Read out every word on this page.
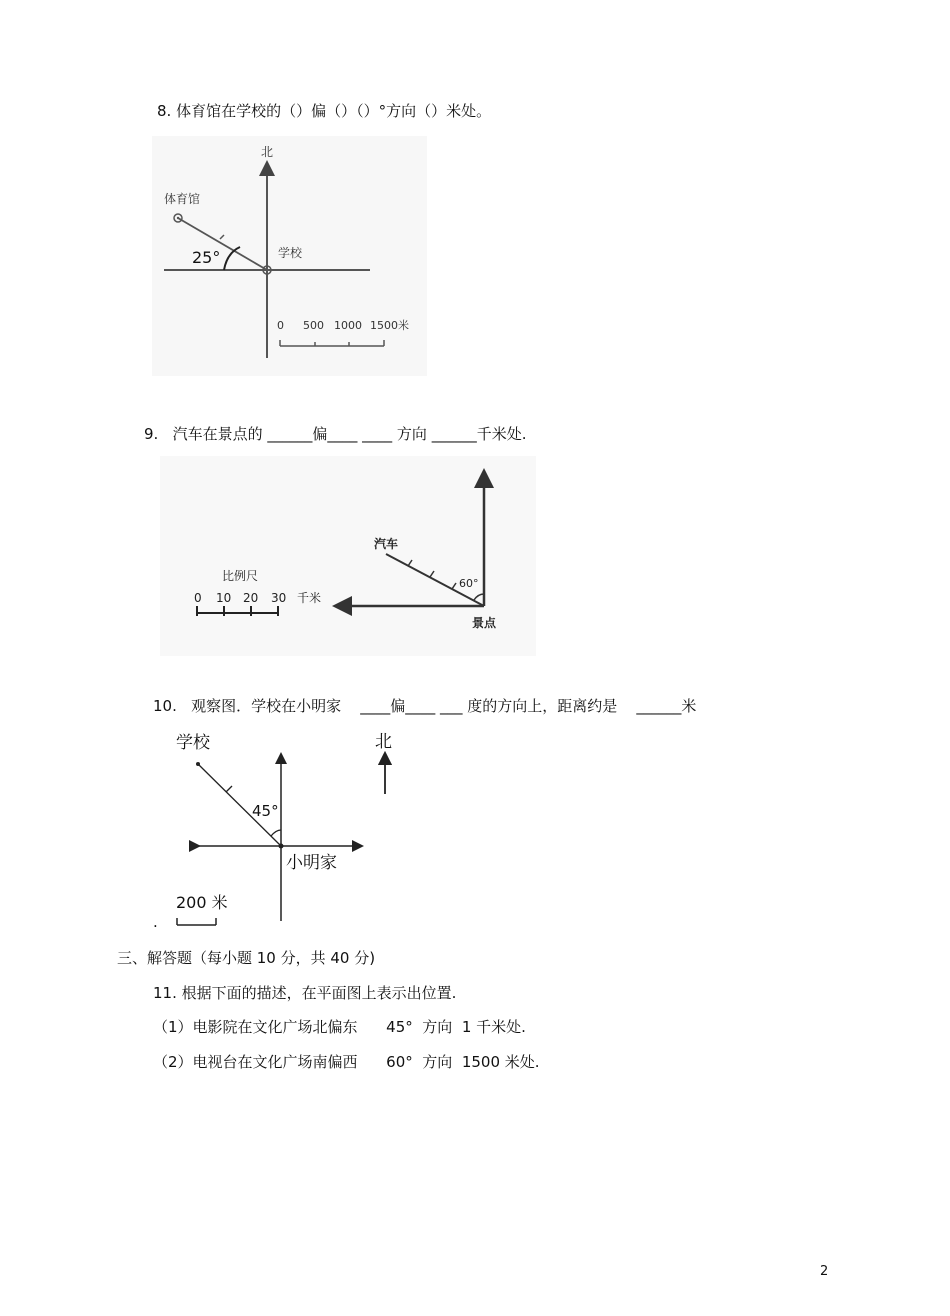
8. 体育馆在学校的（）偏（）（）°方向（）米处。
北
体育馆
学校
25°
0 500 1000 1500米
9.   汽车在景点的 ______偏____ ____ 方向 ______千米处.
汽车
60°
景点
比例尺
0 10 20 30 千米
10.   观察图．学校在小明家    ____偏____ ___ 度的方向上，距离约是    ______米
学校
45°
小明家
北
200 米
.
三、解答题（每小题 10 分，共 40 分)
11. 根据下面的描述，在平面图上表示出位置.
（1）电影院在文化广场北偏东      45°  方向  1 千米处.
（2）电视台在文化广场南偏西      60°  方向  1500 米处.
2
